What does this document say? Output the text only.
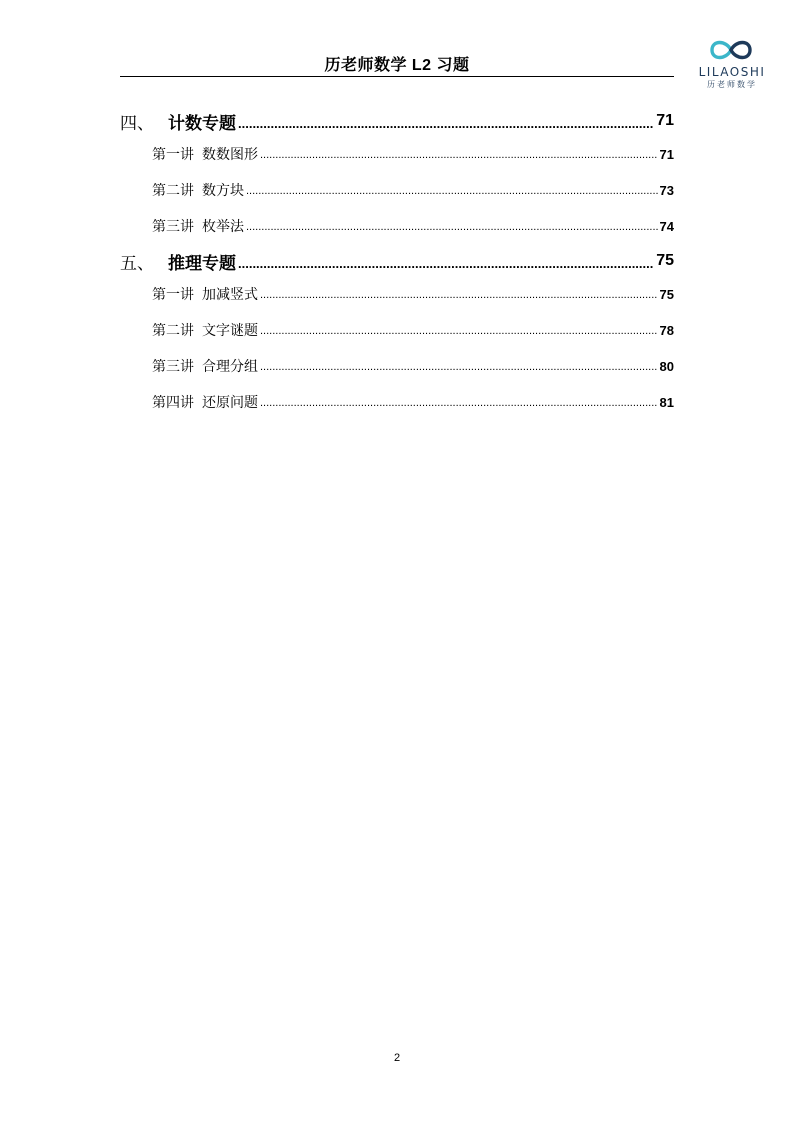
历老师数学 L2 习题	LILAOSHI
历老师数学
四、 计数专题 .....	71
第一讲 数数图形 .....	71
第二讲 数方块 .....	73
第三讲 枚举法 .....	74
五、 推理专题 .....	75
第一讲 加减竖式 .....	75
第二讲 文字谜题 .....	78
第三讲 合理分组 .....	80
第四讲 还原问题 .....	81
2
